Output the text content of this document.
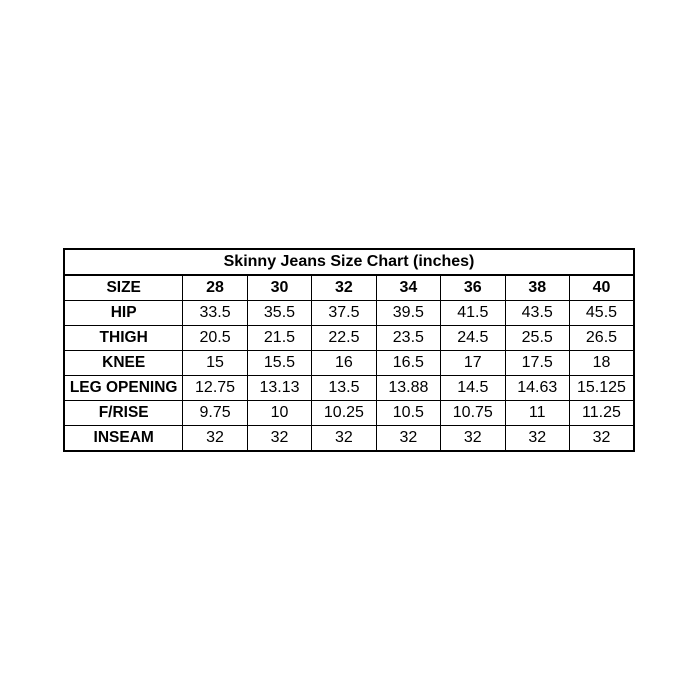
Skinny Jeans Size Chart (inches)							
SIZE	28	30	32	34	36	38	40
HIP	33.5	35.5	37.5	39.5	41.5	43.5	45.5
THIGH	20.5	21.5	22.5	23.5	24.5	25.5	26.5
KNEE	15	15.5	16	16.5	17	17.5	18
LEG OPENING	12.75	13.13	13.5	13.88	14.5	14.63	15.125
F/RISE	9.75	10	10.25	10.5	10.75	11	11.25
INSEAM	32	32	32	32	32	32	32
